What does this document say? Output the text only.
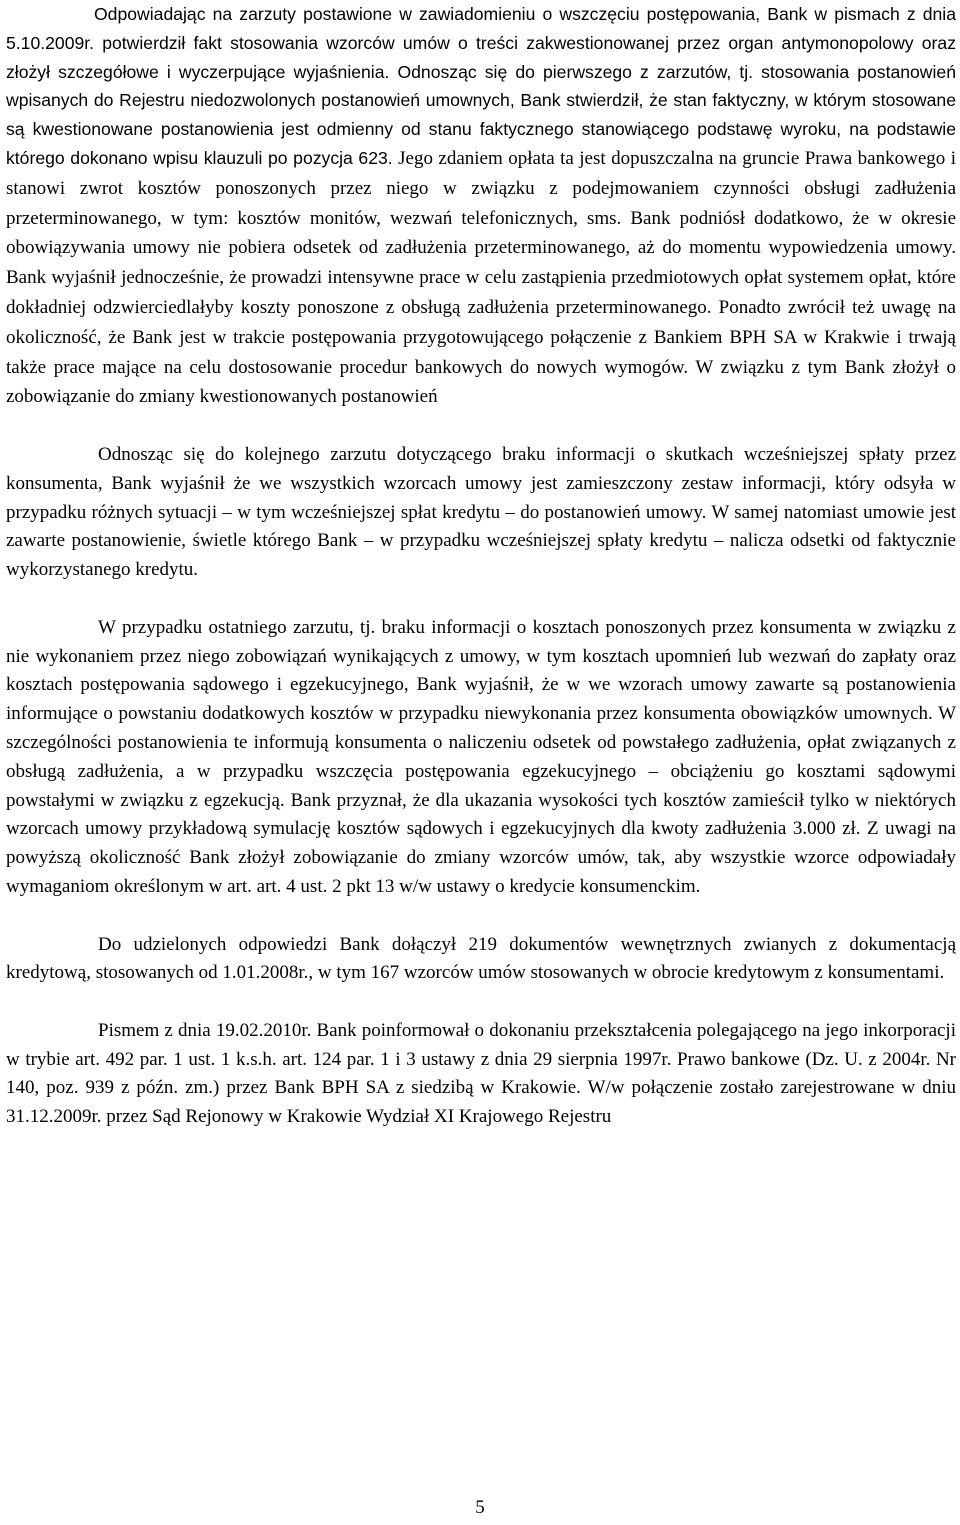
Odpowiadając na zarzuty postawione w zawiadomieniu o wszczęciu postępowania, Bank w pismach z dnia 5.10.2009r. potwierdził fakt stosowania wzorców umów o treści zakwestionowanej przez organ antymonopolowy oraz złożył szczegółowe i wyczerpujące wyjaśnienia. Odnosząc się do pierwszego z zarzutów, tj. stosowania postanowień wpisanych do Rejestru niedozwolonych postanowień umownych, Bank stwierdził, że stan faktyczny, w którym stosowane są kwestionowane postanowienia jest odmienny od stanu faktycznego stanowiącego podstawę wyroku, na podstawie którego dokonano wpisu klauzuli po pozycja 623. Jego zdaniem opłata ta jest dopuszczalna na gruncie Prawa bankowego i stanowi zwrot kosztów ponoszonych przez niego w związku z podejmowaniem czynności obsługi zadłużenia przeterminowanego, w tym: kosztów monitów, wezwań telefonicznych, sms. Bank podniósł dodatkowo, że w okresie obowiązywania umowy nie pobiera odsetek od zadłużenia przeterminowanego, aż do momentu wypowiedzenia umowy. Bank wyjaśnił jednocześnie, że prowadzi intensywne prace w celu zastąpienia przedmiotowych opłat systemem opłat, które dokładniej odzwierciedlałyby koszty ponoszone z obsługą zadłużenia przeterminowanego. Ponadto zwrócił też uwagę na okoliczność, że Bank jest w trakcie postępowania przygotowującego połączenie z Bankiem BPH SA w Krakwie i trwają także prace mające na celu dostosowanie procedur bankowych do nowych wymogów. W związku z tym Bank złożył o zobowiązanie do zmiany kwestionowanych postanowień

Odnosząc się do kolejnego zarzutu dotyczącego braku informacji o skutkach wcześniejszej spłaty przez konsumenta, Bank wyjaśnił że we wszystkich wzorcach umowy jest zamieszczony zestaw informacji, który odsyła w przypadku różnych sytuacji – w tym wcześniejszej spłat kredytu – do postanowień umowy. W samej natomiast umowie jest zawarte postanowienie, świetle którego Bank – w przypadku wcześniejszej spłaty kredytu – nalicza odsetki od faktycznie wykorzystanego kredytu.

W przypadku ostatniego zarzutu, tj. braku informacji o kosztach ponoszonych przez konsumenta w związku z nie wykonaniem przez niego zobowiązań wynikających z umowy, w tym kosztach upomnień lub wezwań do zapłaty oraz kosztach postępowania sądowego i egzekucyjnego, Bank wyjaśnił, że w we wzorach umowy zawarte są postanowienia informujące o powstaniu dodatkowych kosztów w przypadku niewykonania przez konsumenta obowiązków umownych. W szczególności postanowienia te informują konsumenta o naliczeniu odsetek od powstałego zadłużenia, opłat związanych z obsługą zadłużenia, a w przypadku wszczęcia postępowania egzekucyjnego – obciążeniu go kosztami sądowymi powstałymi w związku z egzekucją. Bank przyznał, że dla ukazania wysokości tych kosztów zamieścił tylko w niektórych wzorcach umowy przykładową symulację kosztów sądowych i egzekucyjnych dla kwoty zadłużenia 3.000 zł. Z uwagi na powyższą okoliczność Bank złożył zobowiązanie do zmiany wzorców umów, tak, aby wszystkie wzorce odpowiadały wymaganiom określonym w art. art. 4 ust. 2 pkt 13 w/w ustawy o kredycie konsumenckim.

Do udzielonych odpowiedzi Bank dołączył 219 dokumentów wewnętrznych zwianych z dokumentacją kredytową, stosowanych od 1.01.2008r., w tym 167 wzorców umów stosowanych w obrocie kredytowym z konsumentami.

Pismem z dnia 19.02.2010r. Bank poinformował o dokonaniu przekształcenia polegającego na jego inkorporacji w trybie art. 492 par. 1 ust. 1 k.s.h. art. 124 par. 1 i 3 ustawy z dnia 29 sierpnia 1997r. Prawo bankowe (Dz. U. z 2004r. Nr 140, poz. 939 z późn. zm.) przez Bank BPH SA z siedzibą w Krakowie. W/w połączenie zostało zarejestrowane w dniu 31.12.2009r. przez Sąd Rejonowy w Krakowie Wydział XI Krajowego Rejestru

5
